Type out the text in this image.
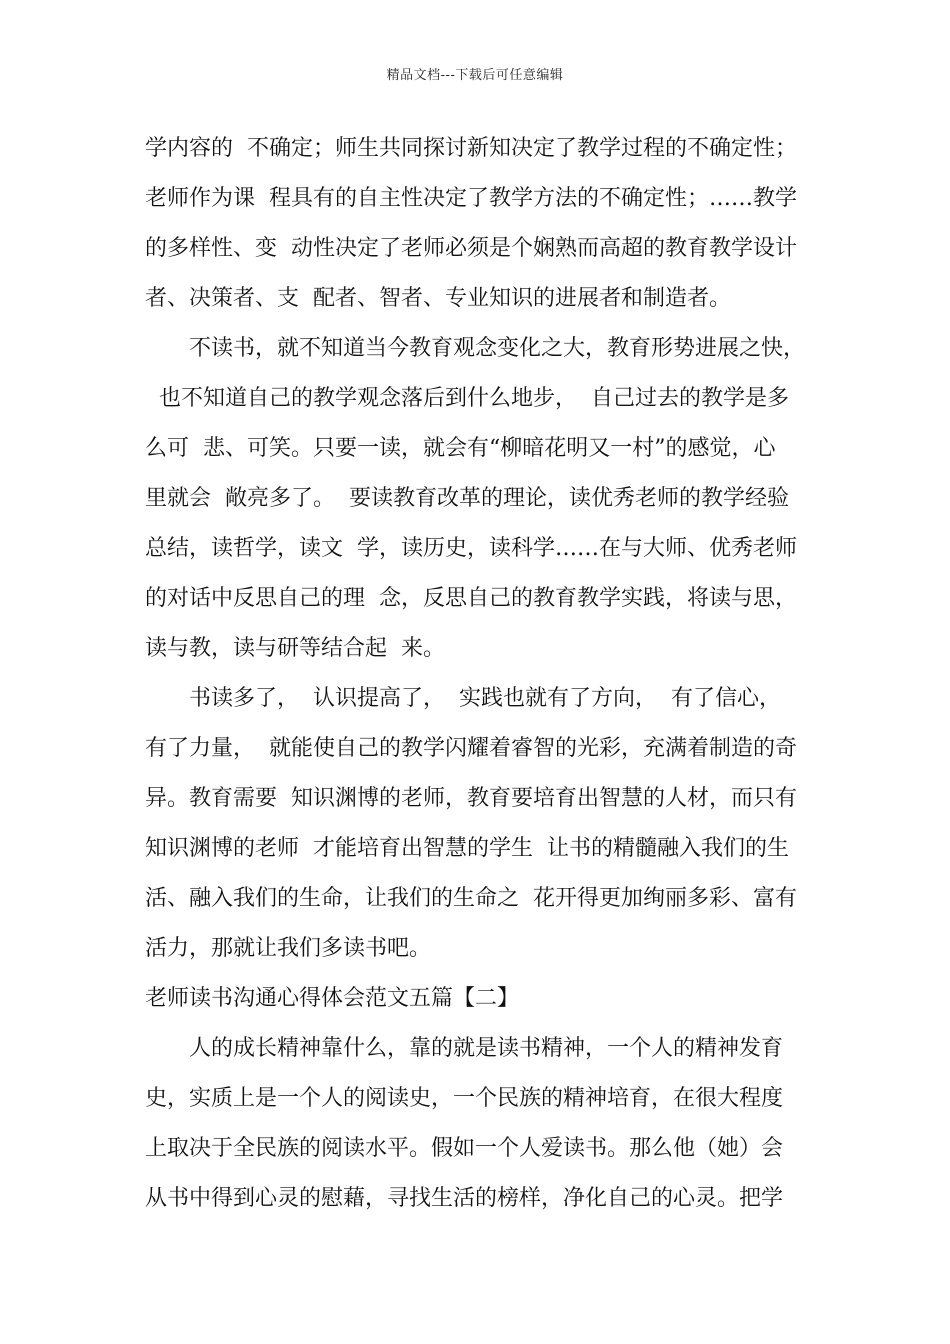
精品文档---下载后可任意编辑
学内容的  不确定；师生共同探讨新知决定了教学过程的不确定性；
老师作为课  程具有的自主性决定了教学方法的不确定性；……教学
的多样性、变  动性决定了老师必须是个娴熟而高超的教育教学设计
者、决策者、支  配者、智者、专业知识的进展者和制造者。
不读书，就不知道当今教育观念变化之大，教育形势进展之快，
也不知道自己的教学观念落后到什么地步，  自己过去的教学是多
么可  悲、可笑。只要一读，就会有“柳暗花明又一村”的感觉，心
里就会  敞亮多了。  要读教育改革的理论，读优秀老师的教学经验
总结，读哲学，读文  学，读历史，读科学……在与大师、优秀老师
的对话中反思自己的理  念，反思自己的教育教学实践，将读与思，
读与教，读与研等结合起  来。
书读多了，  认识提高了，  实践也就有了方向，  有了信心，
有了力量，  就能使自己的教学闪耀着睿智的光彩，充满着制造的奇
异。教育需要  知识渊博的老师，教育要培育出智慧的人材，而只有
知识渊博的老师  才能培育出智慧的学生  让书的精髓融入我们的生
活、融入我们的生命，让我们的生命之  花开得更加绚丽多彩、富有
活力，那就让我们多读书吧。
老师读书沟通心得体会范文五篇【二】
人的成长精神靠什么，靠的就是读书精神，一个人的精神发育
史，实质上是一个人的阅读史，一个民族的精神培育，在很大程度
上取决于全民族的阅读水平。假如一个人爱读书。那么他（她）会
从书中得到心灵的慰藉，寻找生活的榜样，净化自己的心灵。把学
